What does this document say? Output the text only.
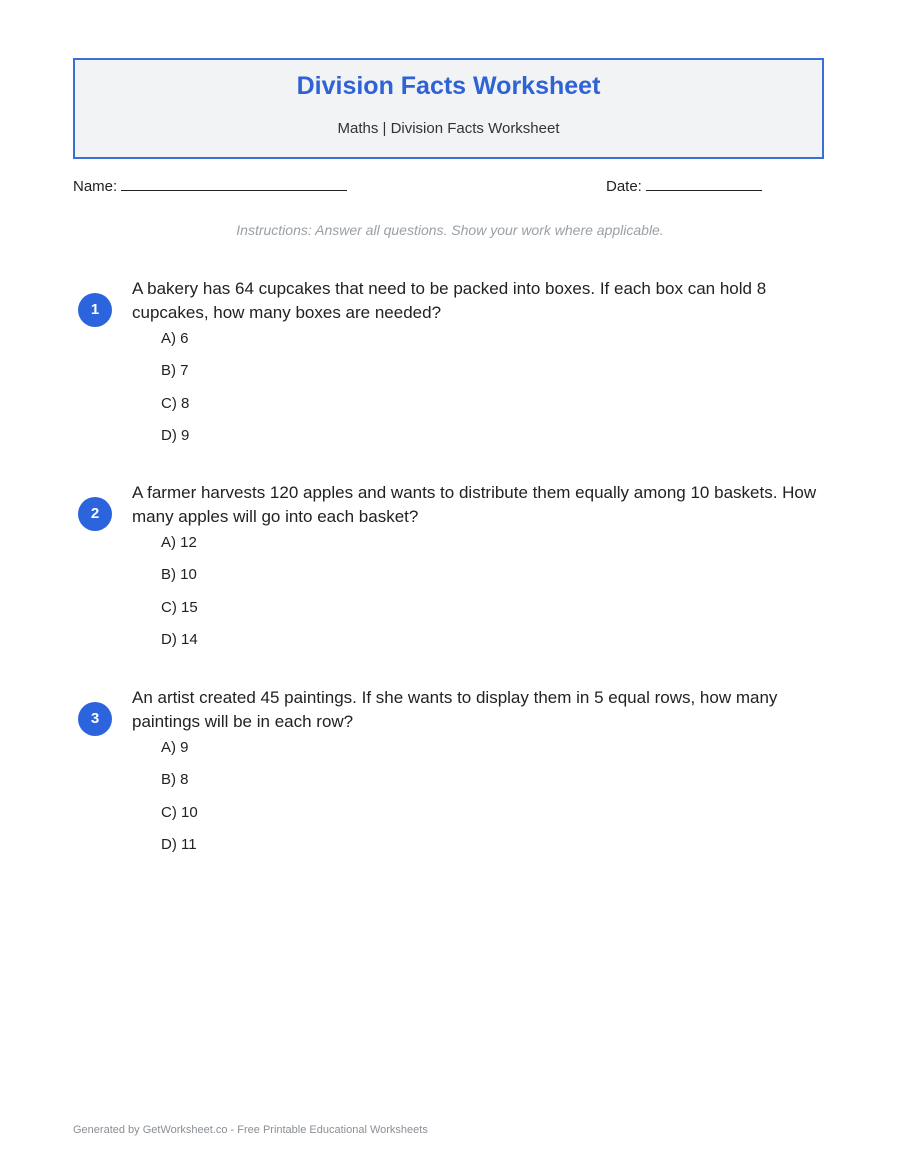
Division Facts Worksheet
Maths | Division Facts Worksheet
Name:	Date:
Instructions: Answer all questions. Show your work where applicable.
1
A bakery has 64 cupcakes that need to be packed into boxes. If each box can hold 8 cupcakes, how many boxes are needed?
A) 6
B) 7
C) 8
D) 9
2
A farmer harvests 120 apples and wants to distribute them equally among 10 baskets. How many apples will go into each basket?
A) 12
B) 10
C) 15
D) 14
3
An artist created 45 paintings. If she wants to display them in 5 equal rows, how many paintings will be in each row?
A) 9
B) 8
C) 10
D) 11
Generated by GetWorksheet.co - Free Printable Educational Worksheets
